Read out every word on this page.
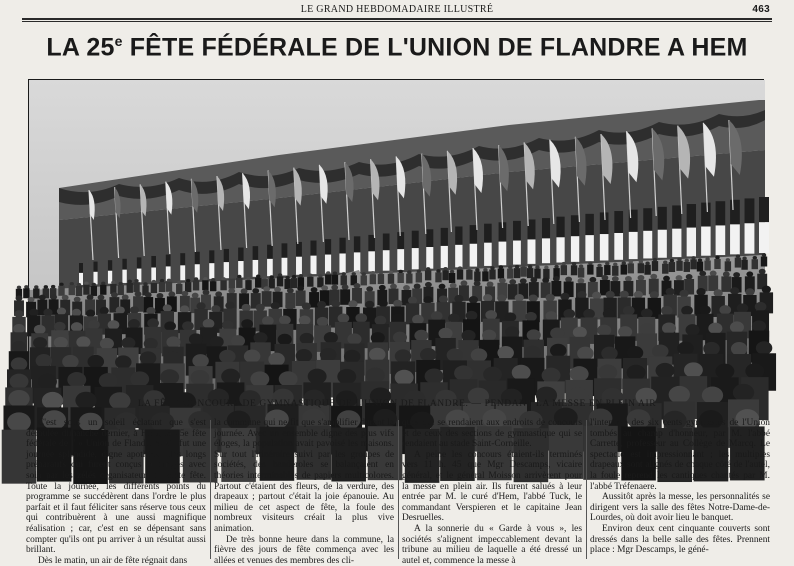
LE GRAND HEBDOMADAIRE ILLUSTRÉ	463
LA 25e FÊTE FÉDÉRALE DE L'UNION DE FLANDRE A HEM
LA FÊTE-CONCOURS DE GYMNASTIQUE DE L'UNION DE FLANDRE. — PENDANT LA MESSE EN PLEIN AIR

C'est sous un soleil éclatant que s'est déroulée dimanche dernier, à Hem, la 25e fête fédérale de l' « Union de Flandre ». Ce fut une journée splendide, digne apothéose des longs préparatifs qui furent conçus et dirigés avec soin par les zélés organisateurs de cette fête. Toute la journée, les différents points du programme se succédèrent dans l'ordre le plus parfait et il faut féliciter sans réserve tous ceux qui contribuèrent à une aussi magnifique réalisation ; car, c'est en se dépensant sans compter qu'ils ont pu arriver à un résultat aussi brillant.

Dès le matin, un air de fête régnait dans

la commune qui ne fit que s'amplifier durant la journée. Avec un ensemble digne des plus vifs éloges, la population avait pavoisé les maisons. Sur tout l'itinéraire suivi par les groupes de sociétés, des banderoles se balançaient en théories interminables de papiers multicolores. Partout c'étaient des fleurs, de la verdure, des drapeaux ; partout c'était la joie épanouie. Au milieu de cet aspect de fête, la foule des nombreux visiteurs créait la plus vive animation.

De très bonne heure dans la commune, la fièvre des jours de fête commença avec les allées et venues des membres des cli-

ques qui se rendaient aux endroits de concours et de ceux des sections de gymnastique qui se rendaient au stade Saint-Corneille.

A peine les concours étaient-ils terminés vers 11 h. 45 que Mgr Descamps, vicaire général, et le général Moisson arrivèrent pour la messe en plein air. Ils furent salués à leur entrée par M. le curé d'Hem, l'abbé Tuck, le commandant Verspieren et le capitaine Jean Desruelles.

A la sonnerie du « Garde à vous », les sociétés s'alignent impeccablement devant la tribune au milieu de laquelle a été dressé un autel et, commence la messe à

l'intention des six cents gymnastes de l'Union tombés au champ d'honneur, par M. l'abbé Carrette, professeur au Collège de Marcq. Le spectacle est impressionnant ; les multiples drapeaux sont alignés de chaque côté de l'autel, la foule reprend les cantiques chantés par M. l'abbé Tréfenaere.

Aussitôt après la messe, les personnalités se dirigent vers la salle des fêtes Notre-Dame-de-Lourdes, où doit avoir lieu le banquet.

Environ deux cent cinquante couverts sont dressés dans la belle salle des fêtes. Prennent place : Mgr Descamps, le géné-
